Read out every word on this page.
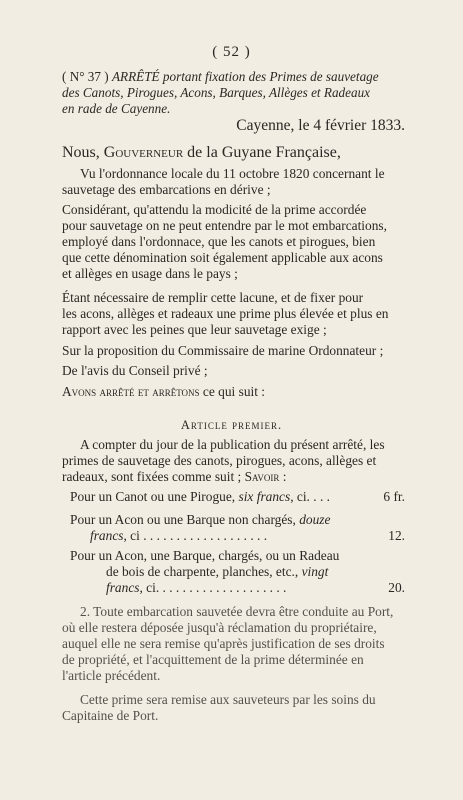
( 52 )
( N° 37 ) ARRÊTÉ portant fixation des Primes de sauvetage
des Canots, Pirogues, Acons, Barques, Allèges et Radeaux
en rade de Cayenne.
Cayenne, le 4 février 1833.
Nous, Gouverneur de la Guyane Française,
Vu l'ordonnance locale du 11 octobre 1820 concernant le
sauvetage des embarcations en dérive ;
Considérant, qu'attendu la modicité de la prime accordée
pour sauvetage on ne peut entendre par le mot embarcations,
employé dans l'ordonnace, que les canots et pirogues, bien
que cette dénomination soit également applicable aux acons
et allèges en usage dans le pays ;
Étant nécessaire de remplir cette lacune, et de fixer pour
les acons, allèges et radeaux une prime plus élevée et plus en
rapport avec les peines que leur sauvetage exige ;
Sur la proposition du Commissaire de marine Ordonnateur ;
De l'avis du Conseil privé ;
Avons arrêté et arrêtons ce qui suit :
Article premier.
A compter du jour de la publication du présent arrêté, les
primes de sauvetage des canots, pirogues, acons, allèges et
radeaux, sont fixées comme suit ; Savoir :
Pour un Canot ou une Pirogue, six francs, ci. . . .	6 fr.
Pour un Acon ou une Barque non chargés, douze
francs, ci . . . . . . . . . . . . . . . . . . .	12.
Pour un Acon, une Barque, chargés, ou un Radeau
de bois de charpente, planches, etc., vingt
francs, ci. . . . . . . . . . . . . . . . . . . .	20.
2. Toute embarcation sauvetée devra être conduite au Port,
où elle restera déposée jusqu'à réclamation du propriétaire,
auquel elle ne sera remise qu'après justification de ses droits
de propriété, et l'acquittement de la prime déterminée en
l'article précédent.
Cette prime sera remise aux sauveteurs par les soins du
Capitaine de Port.
